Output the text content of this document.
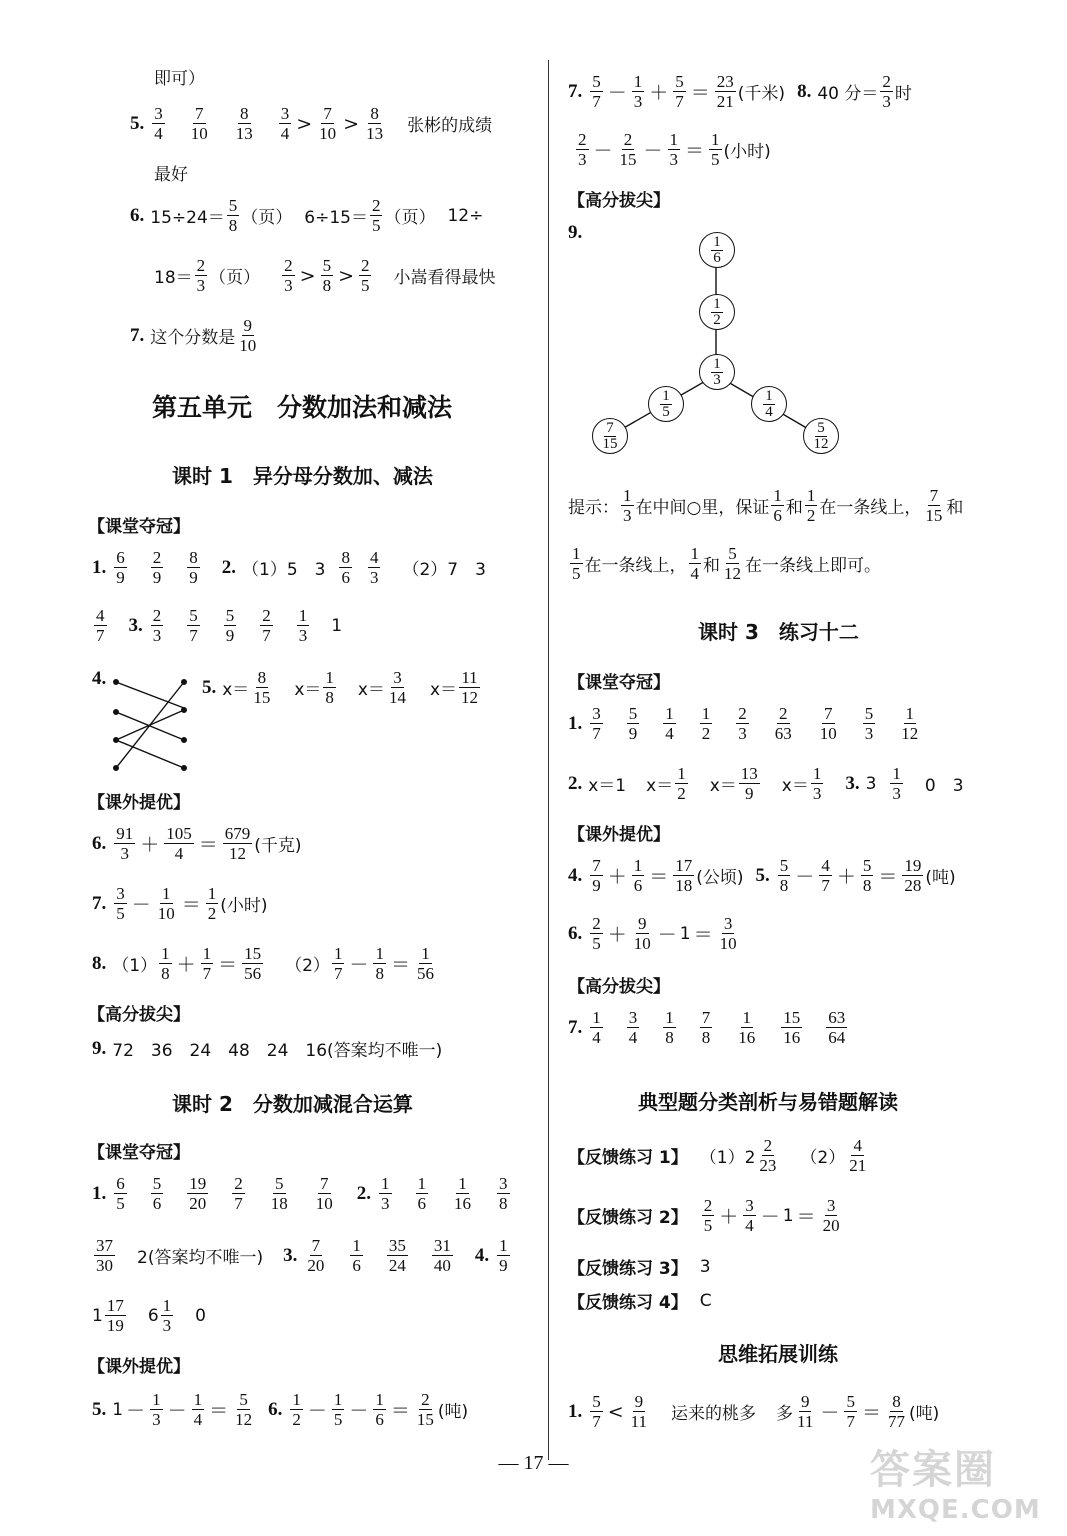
即可）
5. $\frac{3}{4} \frac{7}{10} \frac{8}{13} \frac{3}{4} > \frac{7}{10} > \frac{8}{13}$ 张彬的成绩
最好
6. $15\div 24= \frac{5}{8}$ （页） $6\div 15= \frac{2}{5}$ （页） 12÷
$18= \frac{2}{3}$ （页） $\frac{2}{3} > \frac{5}{8} > \frac{2}{5}$ 小嵩看得最快
7. 这个分数是 $\frac{9}{10}$
第五单元　分数加法和减法
课时 1　异分母分数加、减法
【课堂夺冠】
1. $\frac{6}{9} \frac{2}{9} \frac{8}{9} 2$. （1）5　$3 \frac{8}{6} \frac{4}{3} (2)7$　3
$\frac{4}{7} 3$. $\frac{2}{3} \frac{5}{7} \frac{5}{9} \frac{2}{7} \frac{1}{3} 1$
4.	5. $x= \frac{8}{15} x= \frac{1}{8} x= \frac{3}{14} x= \frac{11}{12}$
【课外提优】
6. $\frac{91}{3} + \frac{105}{4} = \frac{679}{12}$ (千克)
7. $\frac{3}{5} - \frac{1}{10} = \frac{1}{2}$ (小时)
8. $(1) \frac{1}{8} + \frac{1}{7} = \frac{15}{56} (2) \frac{1}{7} - \frac{1}{8} = \frac{1}{56}$
【高分拔尖】
9. 72　36　24　48　24　16(答案均不唯一)
课时 2　分数加减混合运算
【课堂夺冠】
1. $\frac{6}{5} \frac{5}{6} \frac{19}{20} \frac{2}{7} \frac{5}{18} \frac{7}{10} 2$. $\frac{1}{3} \frac{1}{6} \frac{1}{16} \frac{3}{8}$
$\frac{37}{30} 2$(答案均不唯一) 3. $\frac{7}{20} \frac{1}{6} \frac{35}{24} \frac{31}{40} 4$. $\frac{1}{9}$
$1 \frac{17}{19} 6 \frac{1}{3} 0$
【课外提优】
5. $1 - \frac{1}{3} - \frac{1}{4} = \frac{5}{12} 6$. $\frac{1}{2} - \frac{1}{5} - \frac{1}{6} = \frac{2}{15}$ (吨)
7. $\frac{5}{7} - \frac{1}{3} + \frac{5}{7} = \frac{23}{21}$ (千米) 8. 40 分＝ $\frac{2}{3}$ 时
$\frac{2}{3} - \frac{2}{15} - \frac{1}{3} = \frac{1}{5}$ (小时)
【高分拔尖】
9.
$\frac{1}{6}$
$\frac{1}{2}$
$\frac{1}{3}$
$\frac{1}{5}$
$\frac{7}{15}$
$\frac{1}{4}$
$\frac{5}{12}$
提示： $\frac{1}{3}$ 在中间○里，保证 $\frac{1}{6}$ 和 $\frac{1}{2}$ 在一条线上， $\frac{7}{15}$ 和
$\frac{1}{5}$ 在一条线上， $\frac{1}{4}$ 和 $\frac{5}{12}$ 在一条线上即可。
课时 3　练习十二
【课堂夺冠】
1. $\frac{3}{7} \frac{5}{9} \frac{1}{4} \frac{1}{2} \frac{2}{3} \frac{2}{63} \frac{7}{10} \frac{5}{3} \frac{1}{12}$
2. x＝1 $x= \frac{1}{2} x= \frac{13}{9} x= \frac{1}{3} 3$. $3 \frac{1}{3} 0$　3
【课外提优】
4. $\frac{7}{9} + \frac{1}{6} = \frac{17}{18}$ (公顷) 5. $\frac{5}{8} - \frac{4}{7} + \frac{5}{8} = \frac{19}{28}$ (吨)
6. $\frac{2}{5} + \frac{9}{10} - 1 = \frac{3}{10}$
【高分拔尖】
7. $\frac{1}{4} \frac{3}{4} \frac{1}{8} \frac{7}{8} \frac{1}{16} \frac{15}{16} \frac{63}{64}$
典型题分类剖析与易错题解读
【反馈练习 1】 $(1)2 \frac{2}{23} (2) \frac{4}{21}$
【反馈练习 2】 $\frac{2}{5} + \frac{3}{4} - 1 = \frac{3}{20}$
【反馈练习 3】 3
【反馈练习 4】 C
思维拓展训练
1. $\frac{5}{7} < \frac{9}{11}$ 运来的桃多 多 $\frac{9}{11} - \frac{5}{7} = \frac{8}{77}$ (吨)
— 17 —	答案圈
MXQE.COM
